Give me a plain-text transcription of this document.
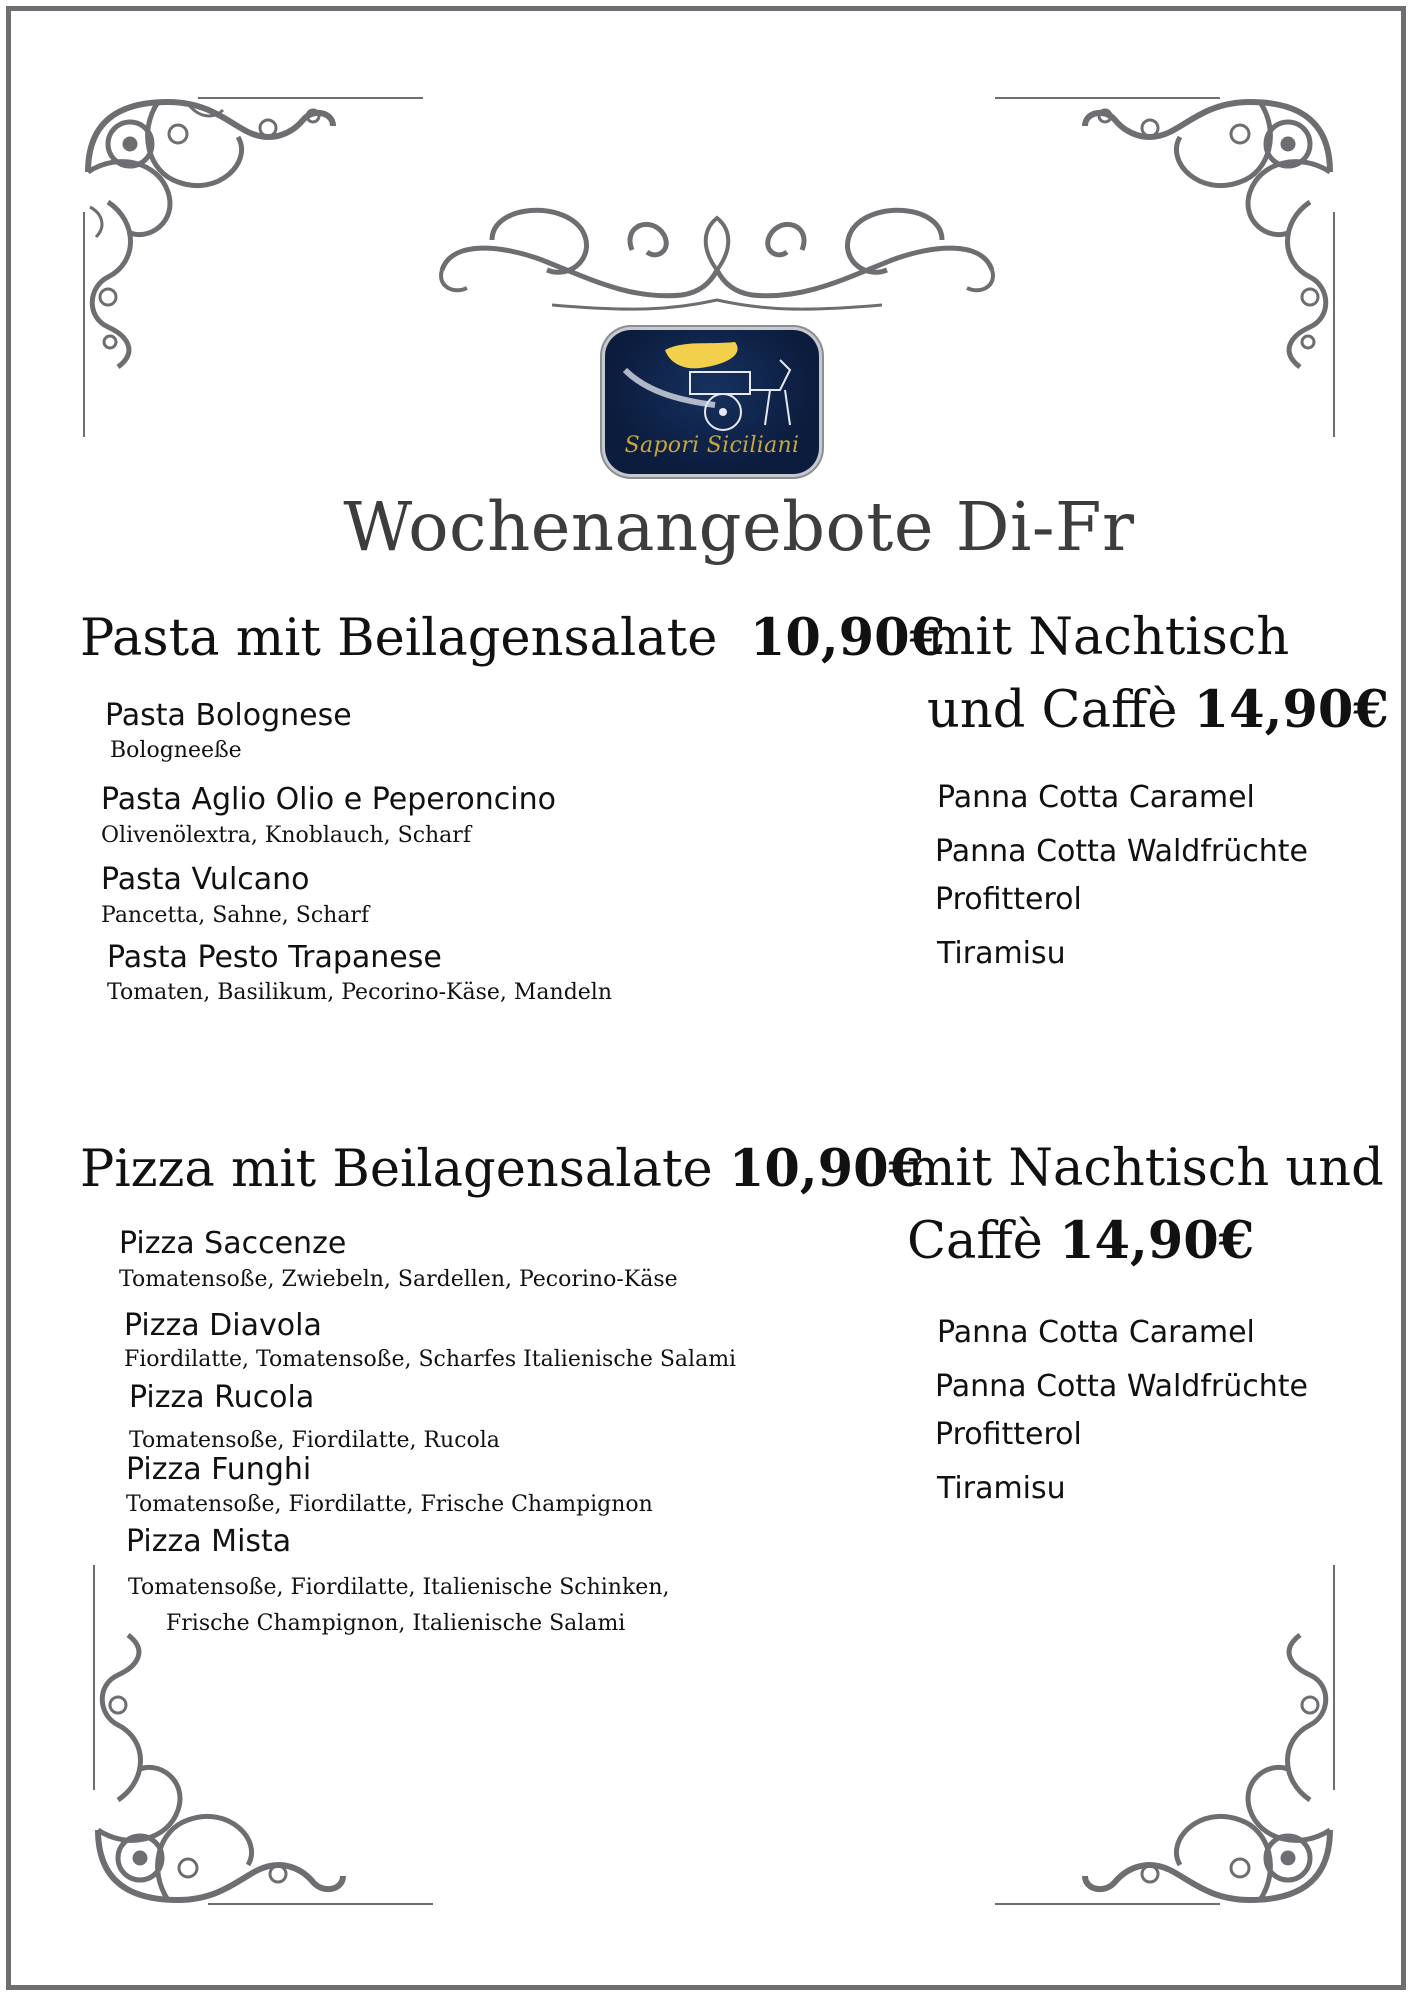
Sapori Siciliani
Wochenangebote Di-Fr
Pasta mit Beilagensalate 10,90€
Pasta Bolognese
Bologneeße
Pasta Aglio Olio e Peperoncino
Olivenölextra, Knoblauch, Scharf
Pasta Vulcano
Pancetta, Sahne, Scharf
Pasta Pesto Trapanese
Tomaten, Basilikum, Pecorino-Käse, Mandeln
mit Nachtisch
und Caffè 14,90€
Panna Cotta Caramel
Panna Cotta Waldfrüchte
Profitterol
Tiramisu
Pizza mit Beilagensalate 10,90€
Pizza Saccenze
Tomatensoße, Zwiebeln, Sardellen, Pecorino-Käse
Pizza Diavola
Fiordilatte, Tomatensoße, Scharfes Italienische Salami
Pizza Rucola
Tomatensoße, Fiordilatte, Rucola
Pizza Funghi
Tomatensoße, Fiordilatte, Frische Champignon
Pizza Mista
Tomatensoße, Fiordilatte, Italienische Schinken,
Frische Champignon, Italienische Salami
mit Nachtisch und
Caffè 14,90€
Panna Cotta Caramel
Panna Cotta Waldfrüchte
Profitterol
Tiramisu
